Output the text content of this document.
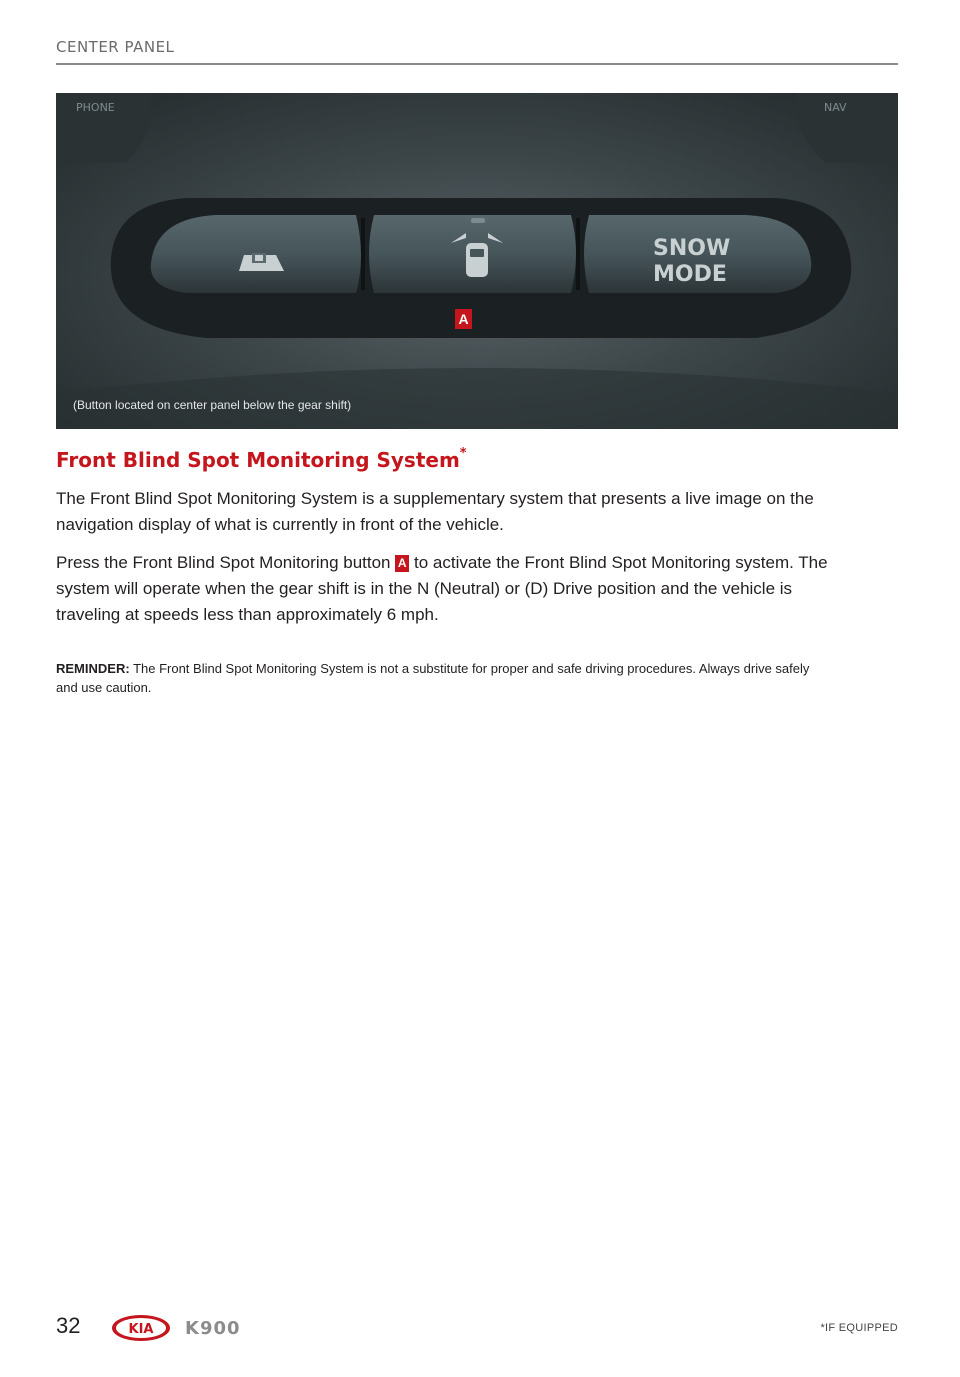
CENTER PANEL
PHONE	NAV
SNOW
MODE
A
(Button located on center panel below the gear shift)
Front Blind Spot Monitoring System*
The Front Blind Spot Monitoring System is a supplementary system that presents a live image on the navigation display of what is currently in front of the vehicle.
Press the Front Blind Spot Monitoring button A to activate the Front Blind Spot Monitoring system. The system will operate when the gear shift is in the N (Neutral) or (D) Drive position and the vehicle is traveling at speeds less than approximately 6 mph.
REMINDER: The Front Blind Spot Monitoring System is not a substitute for proper and safe driving procedures. Always drive safely and use caution.
32	KIA K900	*IF EQUIPPED
